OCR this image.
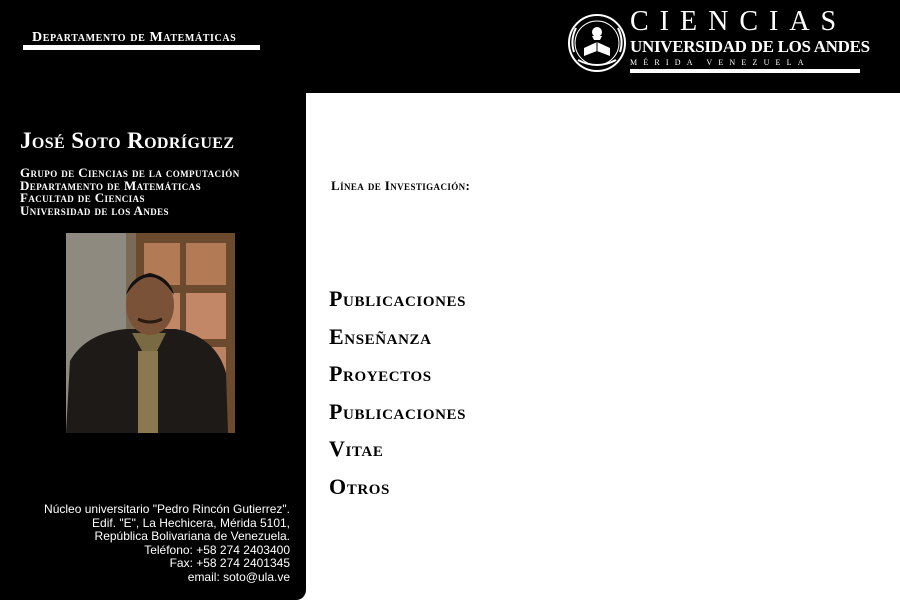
Departamento de Matemáticas
CIENCIAS
UNIVERSIDAD DE LOS ANDES
MÉRIDA VENEZUELA
José Soto Rodríguez
Grupo de Ciencias de la computación
Departamento de Matemáticas
Facultad de Ciencias
Universidad de los Andes
Núcleo universitario "Pedro Rincón Gutierrez".
Edif. "E", La Hechicera, Mérida 5101,
República Bolivariana de Venezuela.
Teléfono: +58 274 2403400
Fax: +58 274 2401345
email: soto@ula.ve
Línea de Investigación:
Publicaciones
Enseñanza
Proyectos
Publicaciones
Vitae
Otros
